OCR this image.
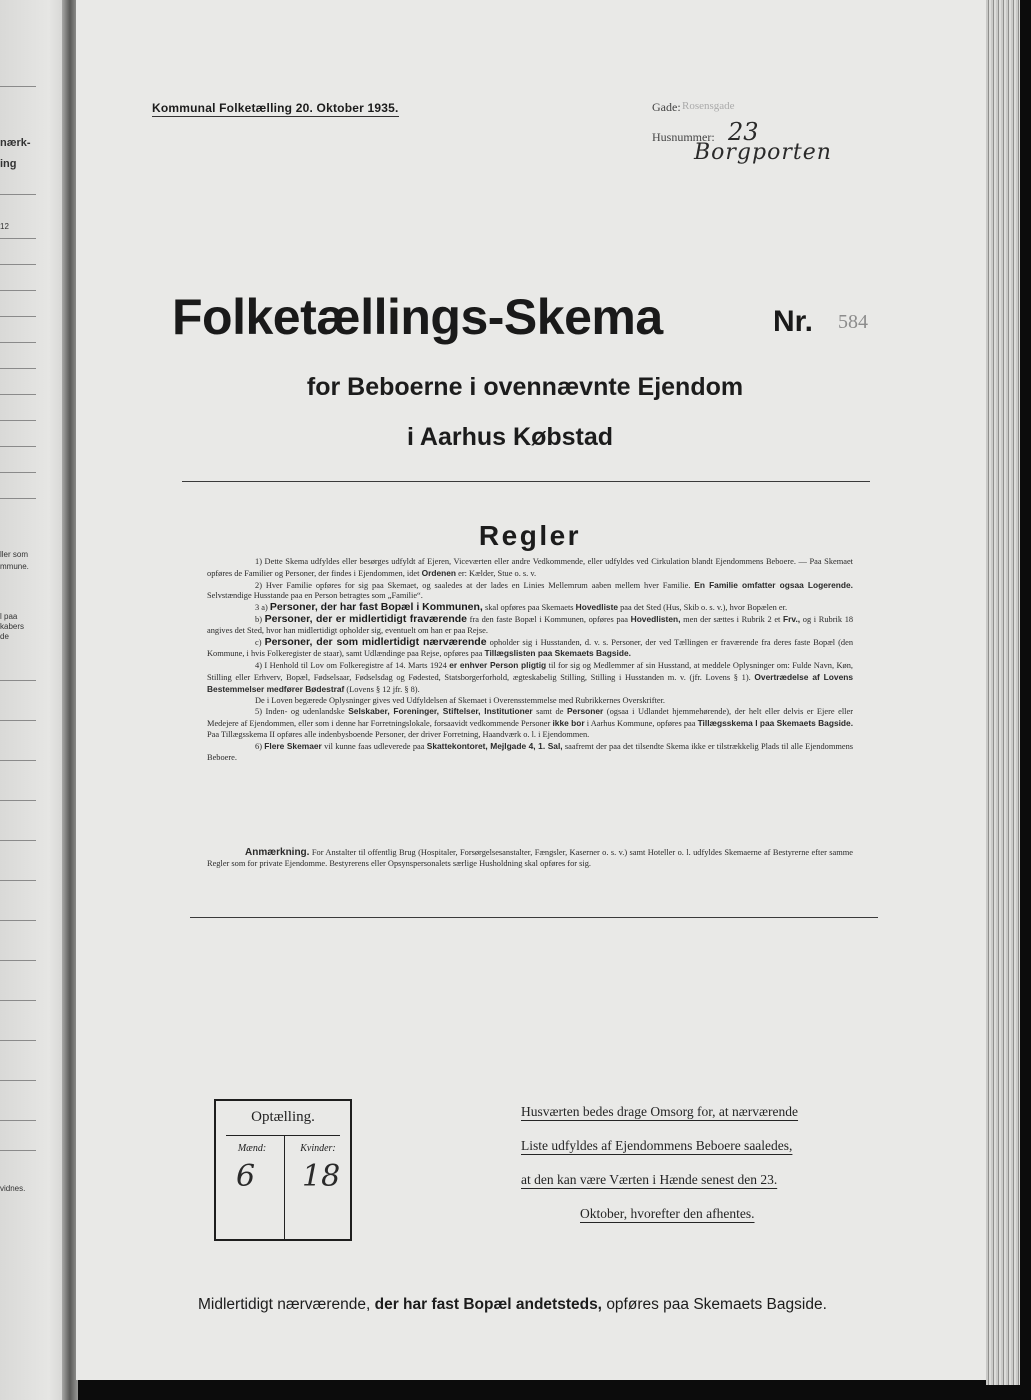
nærk-
ing
12
ller som
mmune.
l paa
kabers
de
vidnes.
Kommunal Folketælling 20. Oktober 1935.	Gade: Rosensgade
Husnummer: 23
Borgporten
Folketællings-Skema	Nr. 584
for Beboerne i ovennævnte Ejendom
i Aarhus Købstad
Regler

1) Dette Skema udfyldes eller besørges udfyldt af Ejeren, Viceværten eller andre Vedkommende, eller udfyldes ved Cirkulation blandt Ejendommens Beboere. — Paa Skemaet opføres de Familier og Personer, der findes i Ejendommen, idet Ordenen er: Kælder, Stue o. s. v.

2) Hver Familie opføres for sig paa Skemaet, og saaledes at der lades en Linies Mellemrum aaben mellem hver Familie. En Familie omfatter ogsaa Logerende. Selvstændige Husstande paa en Person betragtes som „Familie“.

3 a) Personer, der har fast Bopæl i Kommunen, skal opføres paa Skemaets Hovedliste paa det Sted (Hus, Skib o. s. v.), hvor Bopælen er.

b) Personer, der er midlertidigt fraværende fra den faste Bopæl i Kommunen, opføres paa Hovedlisten, men der sættes i Rubrik 2 et Frv., og i Rubrik 18 angives det Sted, hvor han midlertidigt opholder sig, eventuelt om han er paa Rejse.

c) Personer, der som midlertidigt nærværende opholder sig i Husstanden, d. v. s. Personer, der ved Tællingen er fraværende fra deres faste Bopæl (den Kommune, i hvis Folkeregister de staar), samt Udlændinge paa Rejse, opføres paa Tillægslisten paa Skemaets Bagside.

4) I Henhold til Lov om Folkeregistre af 14. Marts 1924 er enhver Person pligtig til for sig og Medlemmer af sin Husstand, at meddele Oplysninger om: Fulde Navn, Køn, Stilling eller Erhverv, Bopæl, Fødselsaar, Fødselsdag og Fødested, Statsborgerforhold, ægteskabelig Stilling, Stilling i Husstanden m. v. (jfr. Lovens § 1). Overtrædelse af Lovens Bestemmelser medfører Bødestraf (Lovens § 12 jfr. § 8).

De i Loven begærede Oplysninger gives ved Udfyldelsen af Skemaet i Overensstemmelse med Rubrikkernes Overskrifter.

5) Inden- og udenlandske Selskaber, Foreninger, Stiftelser, Institutioner samt de Personer (ogsaa i Udlandet hjemmehørende), der helt eller delvis er Ejere eller Medejere af Ejendommen, eller som i denne har Forretningslokale, forsaavidt vedkommende Personer ikke bor i Aarhus Kommune, opføres paa Tillægsskema I paa Skemaets Bagside. Paa Tillægsskema II opføres alle indenbysboende Personer, der driver Forretning, Haandværk o. l. i Ejendommen.

6) Flere Skemaer vil kunne faas udleverede paa Skattekontoret, Mejlgade 4, 1. Sal, saafremt der paa det tilsendte Skema ikke er tilstrækkelig Plads til alle Ejendommens Beboere.

Anmærkning. For Anstalter til offentlig Brug (Hospitaler, Forsørgelsesanstalter, Fængsler, Kaserner o. s. v.) samt Hoteller o. l. udfyldes Skemaerne af Bestyrerne efter samme Regler som for private Ejendomme. Bestyrerens eller Opsynspersonalets særlige Husholdning skal opføres for sig.

Optælling.
Mænd:	Kvinder:
6 18
Husværten bedes drage Omsorg for, at nærværende
Liste udfyldes af Ejendommens Beboere saaledes,
at den kan være Værten i Hænde senest den 23.
Oktober, hvorefter den afhentes.
Midlertidigt nærværende, der har fast Bopæl andetsteds, opføres paa Skemaets Bagside.
